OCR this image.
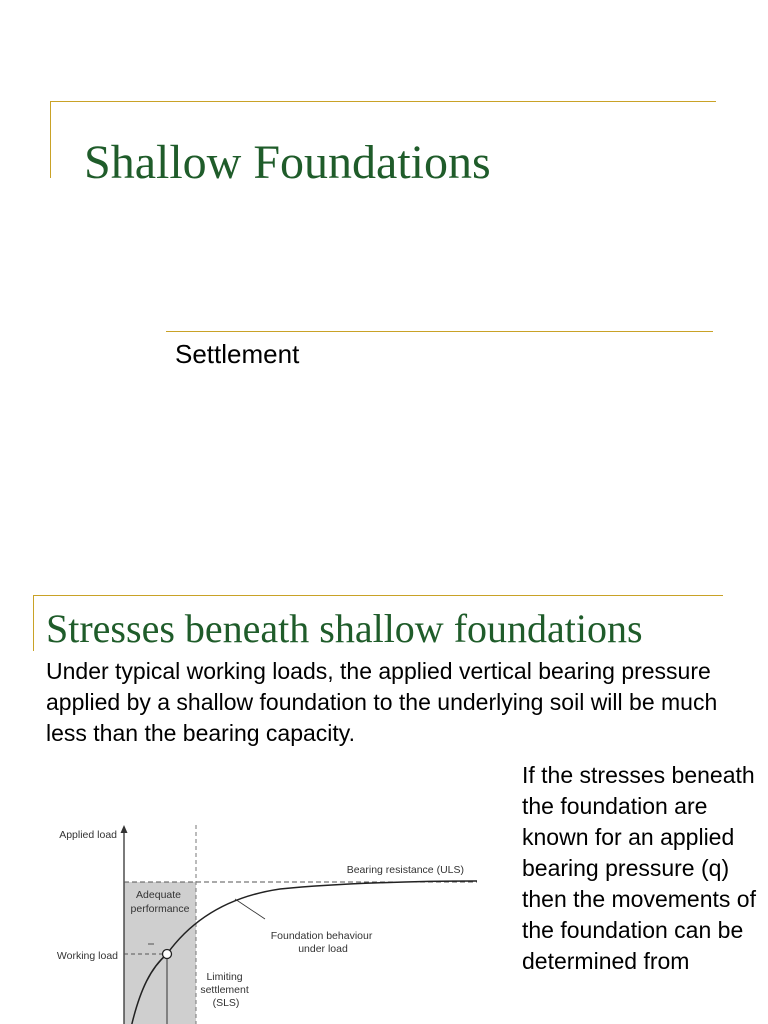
Shallow Foundations
Settlement
Stresses beneath shallow foundations
Under typical working loads, the applied vertical bearing pressure applied by a shallow foundation to the underlying soil will be much less than the bearing capacity.
If the stresses beneath the foundation are known for an applied bearing pressure (q) then the movements of the foundation can be determined from
Applied load
Bearing resistance (ULS)
Adequate performance
Foundation behaviour under load
Working load
Limiting settlement (SLS)
